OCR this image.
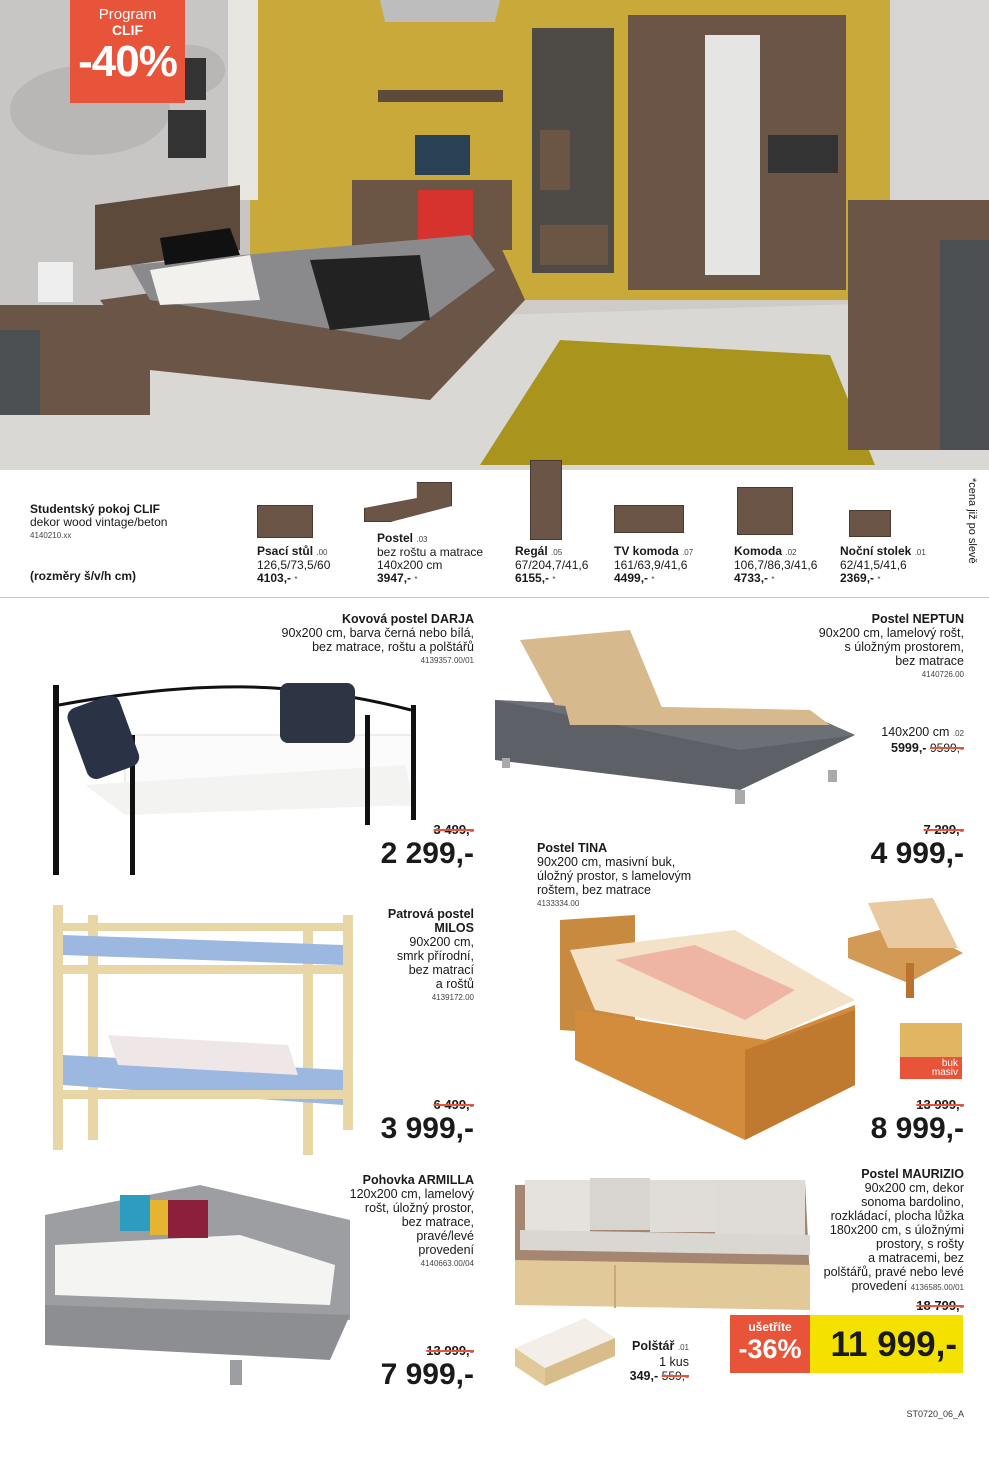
Program
CLIF
-40%
Studentský pokoj CLIF
dekor wood vintage/beton
4140210.xx
(rozměry š/v/h cm)
Psací stůl .00
126,5/73,5/60
4103,- *
Postel .03
bez roštu a matrace
140x200 cm
3947,- *
Regál .05
67/204,7/41,6
6155,- *
TV komoda .07
161/63,9/41,6
4499,- *
Komoda .02
106,7/86,3/41,6
4733,- *
Noční stolek .01
62/41,5/41,6
2369,- *
*cena již po slevě
Kovová postel DARJA
90x200 cm, barva černá nebo bílá,
bez matrace, roštu a polštářů
4139357.00/01
3 499,-
2 299,-
Postel NEPTUN
90x200 cm, lamelový rošt,
s úložným prostorem,
bez matrace
4140726.00
140x200 cm .02
5999,- 9599,-
7 299,-
4 999,-
Patrová postel
MILOS
90x200 cm,
smrk přírodní,
bez matrací
a roštů
4139172.00
6 499,-
3 999,-
Postel TINA
90x200 cm, masivní buk,
úložný prostor, s lamelovým
roštem, bez matrace
4133334.00
buk
masiv
13 999,-
8 999,-
Pohovka ARMILLA
120x200 cm, lamelový
rošt, úložný prostor,
bez matrace,
pravé/levé
provedení
4140663.00/04
13 999,-
7 999,-
Postel MAURIZIO
90x200 cm, dekor
sonoma bardolino,
rozkládací, plocha lůžka
180x200 cm, s úložnými
prostory, s rošty
a matracemi, bez
polštářů, pravé nebo levé
provedení 4136585.00/01
18 799,-
ušetříte
-36% 11 999,-
Polštář .01
1 kus
349,- 559,-
ST0720_06_A
